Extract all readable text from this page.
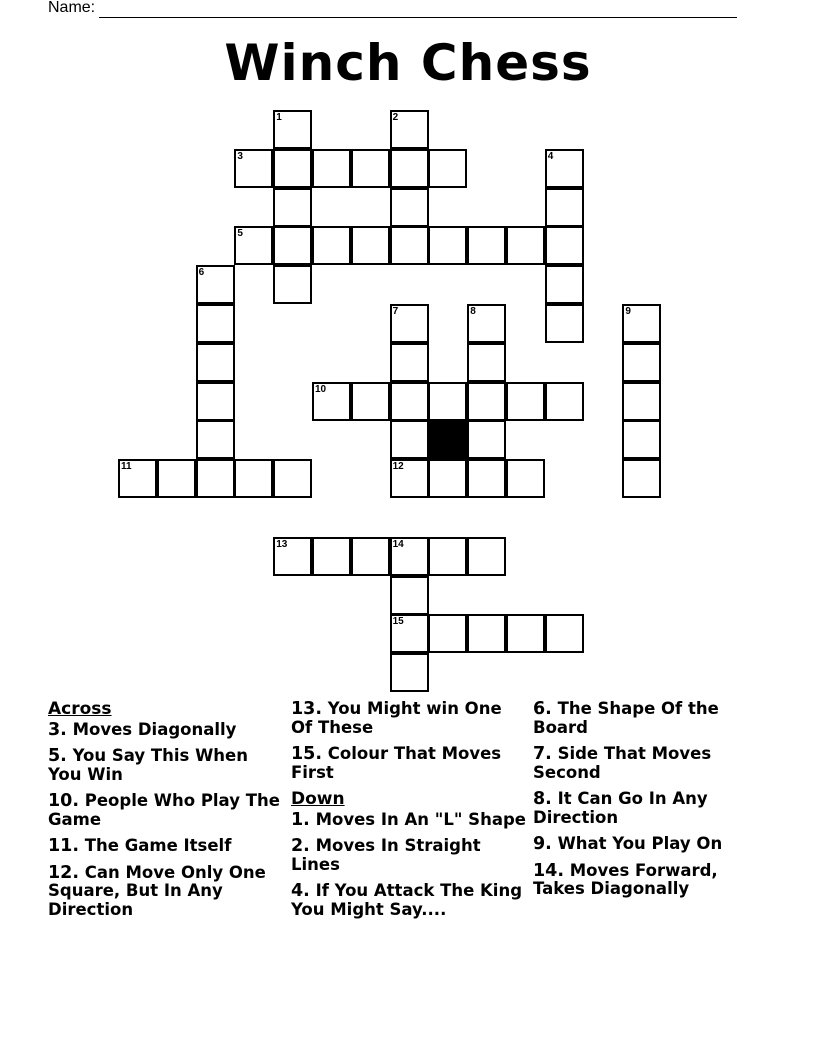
Name:
Winch Chess
1	2
3	4
5
6
7	8	9
10
11	12
13	14
15
Across
3. Moves Diagonally
5. You Say This When You Win
10. People Who Play The Game
11. The Game Itself
12. Can Move Only One Square, But In Any Direction
13. You Might win One Of These
15. Colour That Moves First
Down
1. Moves In An "L" Shape
2. Moves In Straight Lines
4. If You Attack The King You Might Say....
6. The Shape Of the Board
7. Side That Moves Second
8. It Can Go In Any Direction
9. What You Play On
14. Moves Forward, Takes Diagonally
